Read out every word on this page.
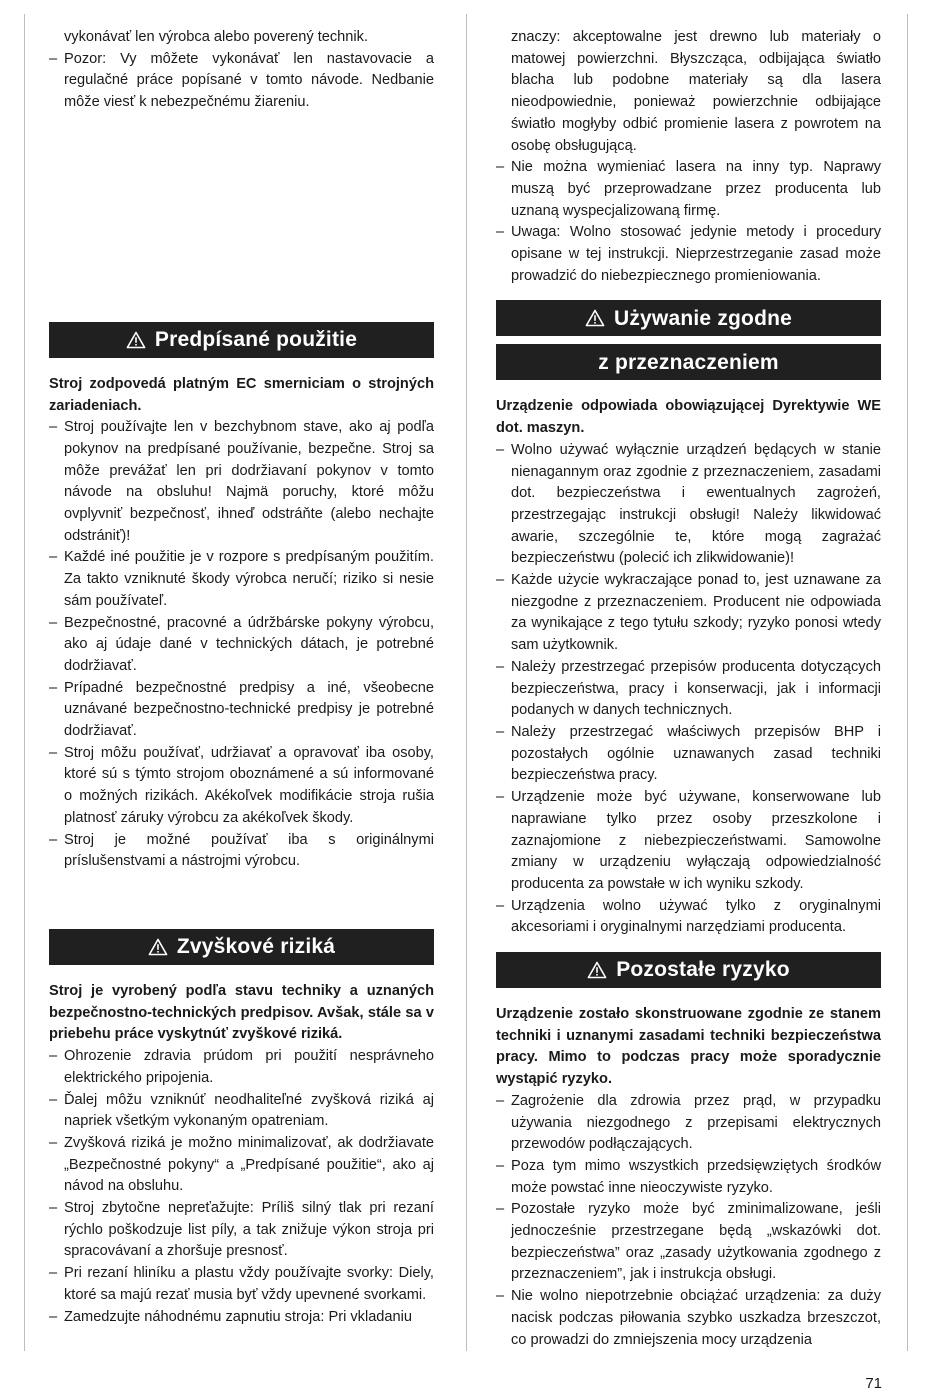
vykonávať len výrobca alebo poverený technik.
– Pozor: Vy môžete vykonávať len nastavovacie a regulačné práce popísané v tomto návode. Nedbanie môže viesť k nebezpečnému žiareniu.
Predpísané použitie

Stroj zodpovedá platným EC smerniciam o strojných zariadeniach.

– Stroj používajte len v bezchybnom stave, ako aj podľa pokynov na predpísané používanie, bezpečne. Stroj sa môže prevážať len pri dodržiavaní pokynov v tomto návode na obsluhu! Najmä poruchy, ktoré môžu ovplyvniť bezpečnosť, ihneď odstráňte (alebo nechajte odstrániť)!
– Každé iné použitie je v rozpore s predpísaným použitím. Za takto vzniknuté škody výrobca neručí; riziko si nesie sám používateľ.
– Bezpečnostné, pracovné a údržbárske pokyny výrobcu, ako aj údaje dané v technických dátach, je potrebné dodržiavať.
– Prípadné bezpečnostné predpisy a iné, všeobecne uznávané bezpečnostno-technické predpisy je potrebné dodržiavať.
– Stroj môžu používať, udržiavať a opravovať iba osoby, ktoré sú s týmto strojom oboznámené a sú informované o možných rizikách. Akékoľvek modifikácie stroja rušia platnosť záruky výrobcu za akékoľvek škody.
– Stroj je možné používať iba s originálnymi príslušenstvami a nástrojmi výrobcu.
Zvyškové riziká

Stroj je vyrobený podľa stavu techniky a uznaných bezpečnostno-technických predpisov. Avšak, stále sa v priebehu práce vyskytnúť zvyškové riziká.

– Ohrozenie zdravia prúdom pri použití nesprávneho elektrického pripojenia.
– Ďalej môžu vzniknúť neodhaliteľné zvyšková riziká aj napriek všetkým vykonaným opatreniam.
– Zvyšková riziká je možno minimalizovať, ak dodržiavate „Bezpečnostné pokyny“ a „Predpísané použitie“, ako aj návod na obsluhu.
– Stroj zbytočne nepreťažujte: Príliš silný tlak pri rezaní rýchlo poškodzuje list píly, a tak znižuje výkon stroja pri spracovávaní a zhoršuje presnosť.
– Pri rezaní hliníku a plastu vždy používajte svorky: Diely, ktoré sa majú rezať musia byť vždy upevnené svorkami.
– Zamedzujte náhodnému zapnutiu stroja: Pri vkladaniu

znaczy: akceptowalne jest drewno lub materiały o matowej powierzchni. Błyszcząca, odbijająca światło blacha lub podobne materiały są dla lasera nieodpowiednie, ponieważ powierzchnie odbijające światło mogłyby odbić promienie lasera z powrotem na osobę obsługującą.

– Nie można wymieniać lasera na inny typ. Naprawy muszą być przeprowadzane przez producenta lub uznaną wyspecjalizowaną firmę.
– Uwaga: Wolno stosować jedynie metody i procedury opisane w tej instrukcji. Nieprzestrzeganie zasad może prowadzić do niebezpiecznego promieniowania.
Używanie zgodne
z przeznaczeniem

Urządzenie odpowiada obowiązującej Dyrektywie WE dot. maszyn.

– Wolno używać wyłącznie urządzeń będących w stanie nienagannym oraz zgodnie z przeznaczeniem, zasadami dot. bezpieczeństwa i ewentualnych zagrożeń, przestrzegając instrukcji obsługi! Należy likwidować awarie, szczególnie te, które mogą zagrażać bezpieczeństwu (polecić ich zlikwidowanie)!
– Każde użycie wykraczające ponad to, jest uznawane za niezgodne z przeznaczeniem. Producent nie odpowiada za wynikające z tego tytułu szkody; ryzyko ponosi wtedy sam użytkownik.
– Należy przestrzegać przepisów producenta dotyczących bezpieczeństwa, pracy i konserwacji, jak i informacji podanych w danych technicznych.
– Należy przestrzegać właściwych przepisów BHP i pozostałych ogólnie uznawanych zasad techniki bezpieczeństwa pracy.
– Urządzenie może być używane, konserwowane lub naprawiane tylko przez osoby przeszkolone i zaznajomione z niebezpieczeństwami. Samowolne zmiany w urządzeniu wyłączają odpowiedzialność producenta za powstałe w ich wyniku szkody.
– Urządzenia wolno używać tylko z oryginalnymi akcesoriami i oryginalnymi narzędziami producenta.
Pozostałe ryzyko

Urządzenie zostało skonstruowane zgodnie ze stanem techniki i uznanymi zasadami techniki bezpieczeństwa pracy. Mimo to podczas pracy może sporadycznie wystąpić ryzyko.

– Zagrożenie dla zdrowia przez prąd, w przypadku używania niezgodnego z przepisami elektrycznych przewodów podłączających.
– Poza tym mimo wszystkich przedsięwziętych środków może powstać inne nieoczywiste ryzyko.
– Pozostałe ryzyko może być zminimalizowane, jeśli jednocześnie przestrzegane będą „wskazówki dot. bezpieczeństwa” oraz „zasady użytkowania zgodnego z przeznaczeniem”, jak i instrukcja obsługi.
– Nie wolno niepotrzebnie obciążać urządzenia: za duży nacisk podczas piłowania szybko uszkadza brzeszczot, co prowadzi do zmniejszenia mocy urządzenia
71
